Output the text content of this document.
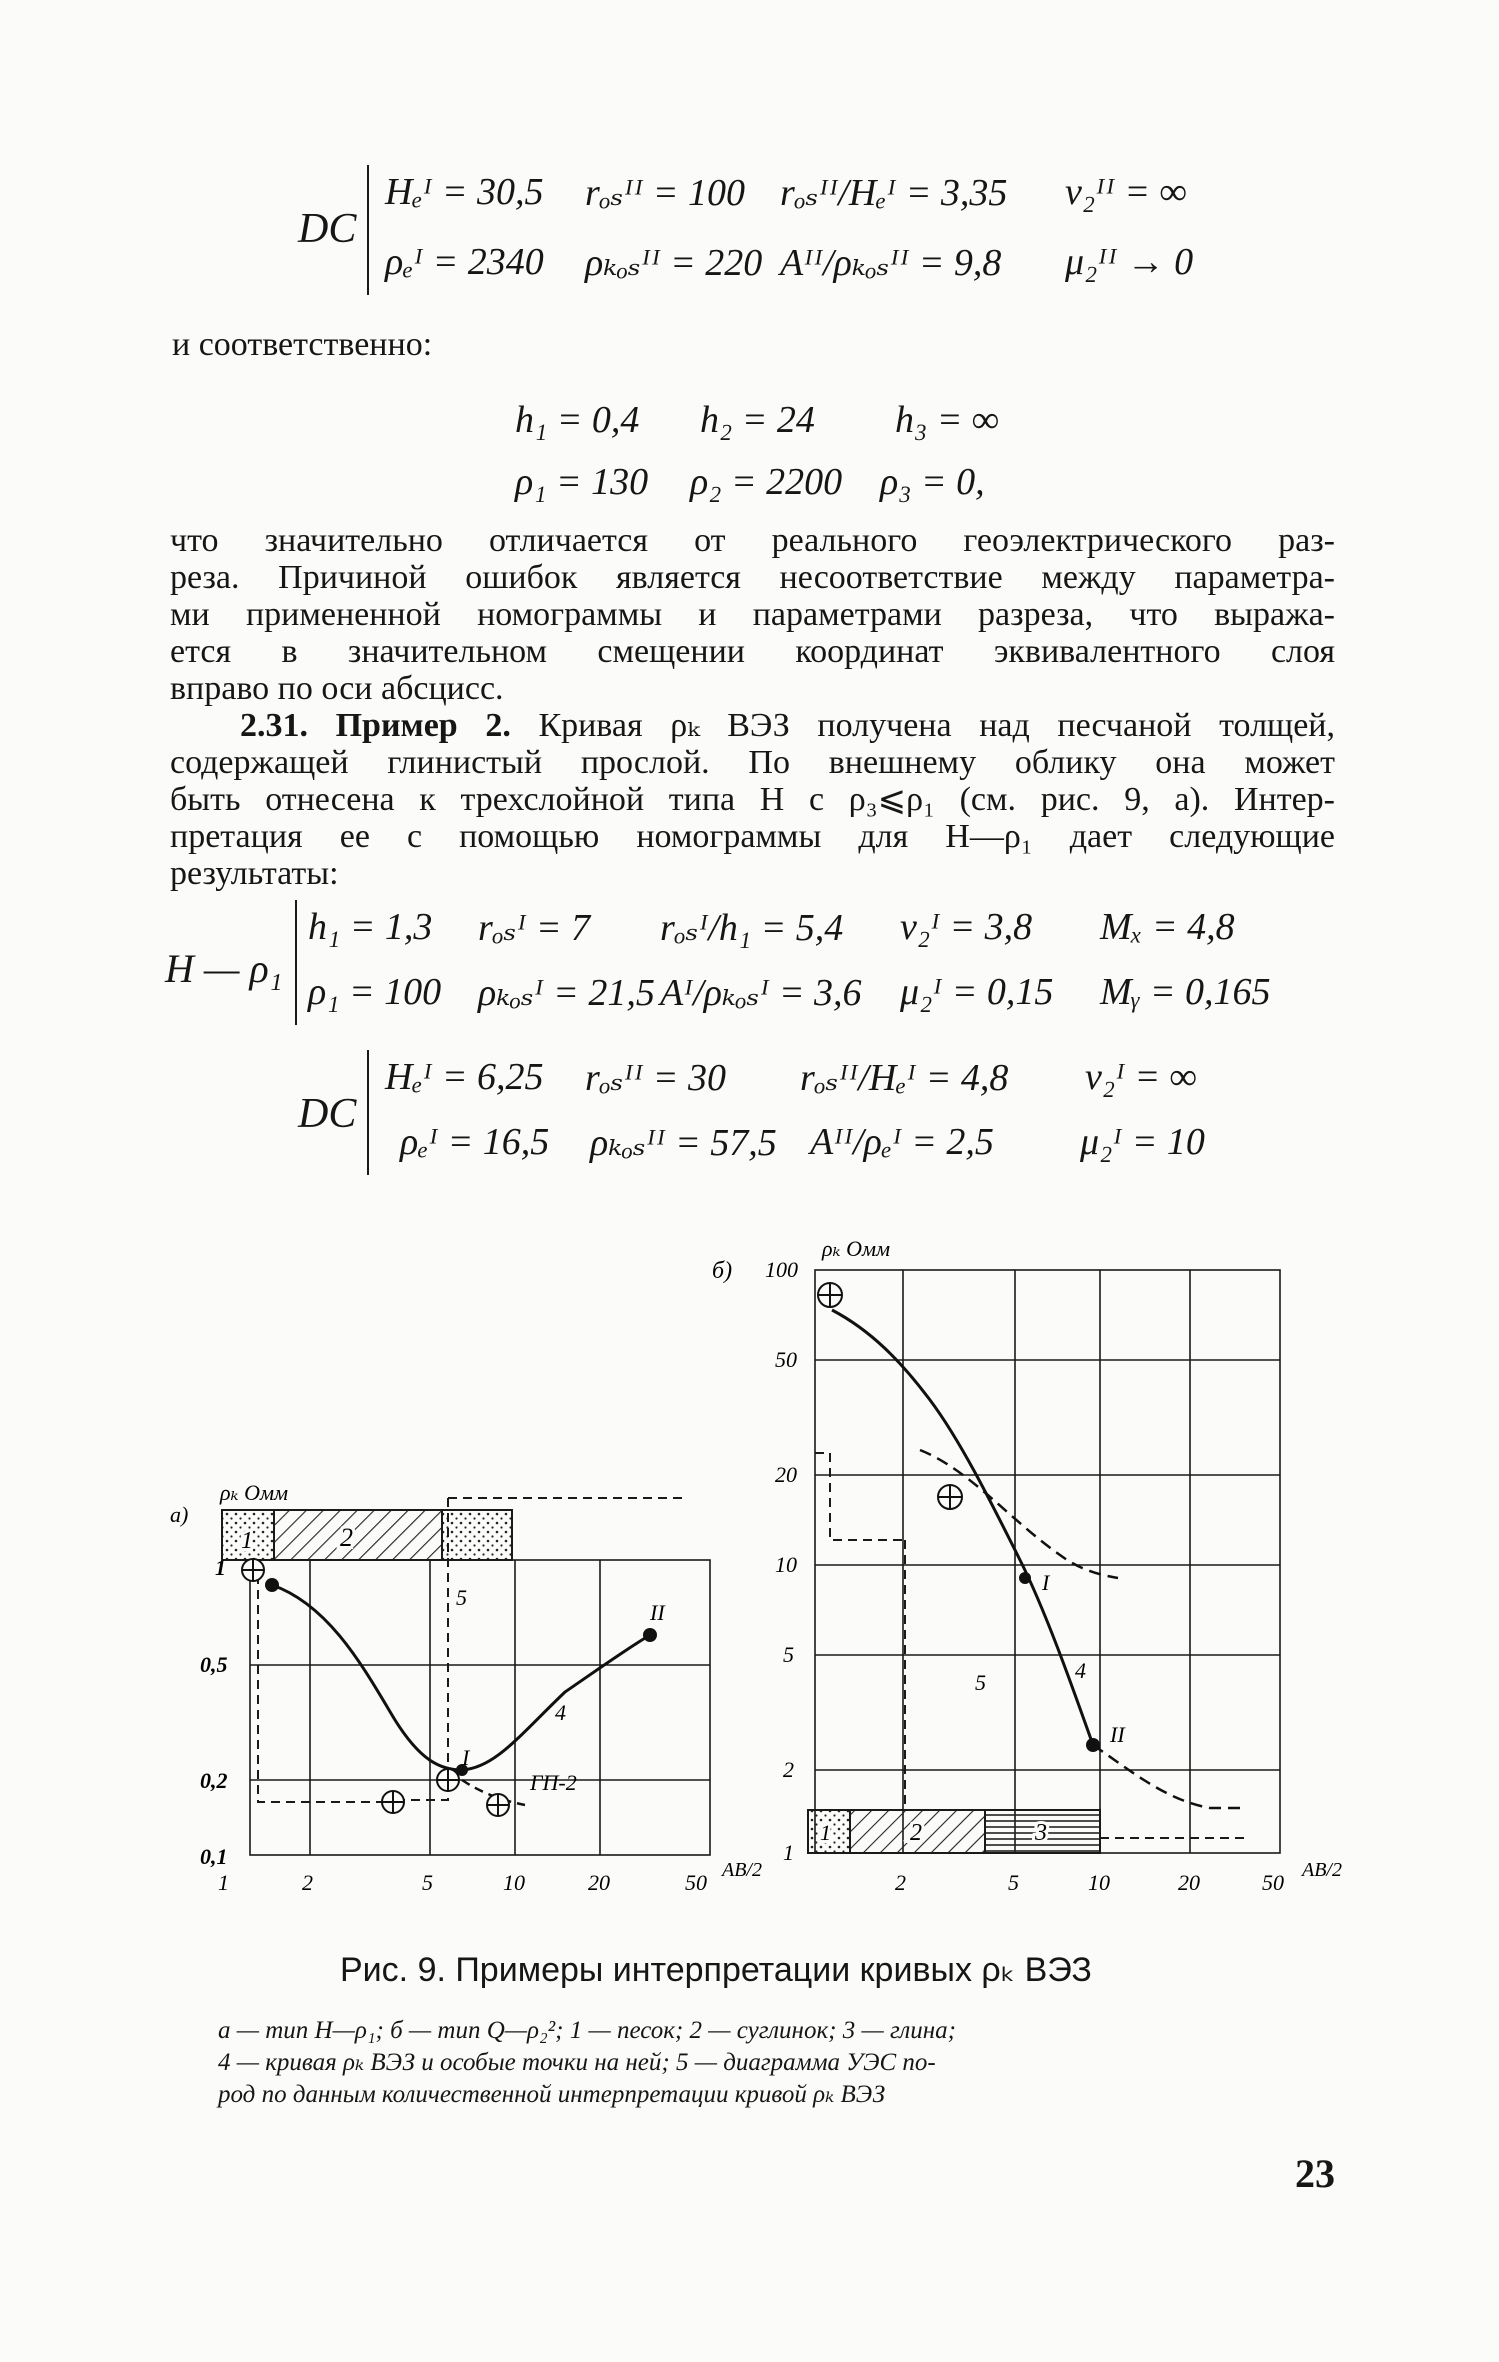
DC
Hₑᴵ = 30,5 rₒₛᴵᴵ = 100 rₒₛᴵᴵ/Hₑᴵ = 3,35 ν₂ᴵᴵ = ∞
ρₑᴵ = 2340 ρₖₒₛᴵᴵ = 220 Aᴵᴵ/ρₖₒₛᴵᴵ = 9,8 μ₂ᴵᴵ → 0
и соответственно:
h₁ = 0,4 h₂ = 24 h₃ = ∞
ρ₁ = 130 ρ₂ = 2200 ρ₃ = 0,
что значительно отличается от реального геоэлектрического раз-
реза. Причиной ошибок является несоответствие между параметра-
ми примененной номограммы и параметрами разреза, что выража-
ется в значительном смещении координат эквивалентного слоя
вправо по оси абсцисс.
2.31. Пример 2. Кривая ρₖ ВЭЗ получена над песчаной толщей,
содержащей глинистый прослой. По внешнему облику она может
быть отнесена к трехслойной типа H с ρ₃⩽ρ₁ (см. рис. 9, а). Интер-
претация ее с помощью номограммы для H—ρ₁ дает следующие
результаты:
H — ρ₁
h₁ = 1,3 rₒₛᴵ = 7 rₒₛᴵ/h₁ = 5,4 ν₂ᴵ = 3,8 Mₓ = 4,8
ρ₁ = 100 ρₖₒₛᴵ = 21,5 Aᴵ/ρₖₒₛᴵ = 3,6 μ₂ᴵ = 0,15 Mᵧ = 0,165
DC
Hₑᴵ = 6,25 rₒₛᴵᴵ = 30 rₒₛᴵᴵ/Hₑᴵ = 4,8 ν₂ᴵ = ∞
ρₑᴵ = 16,5 ρₖₒₛᴵᴵ = 57,5 Aᴵᴵ/ρₑᴵ = 2,5 μ₂ᴵ = 10
а)
ρₖ Омм
1	2
5
I
II
4
ГП-2
0,1
0,2
0,5
1
1	2	5	10	20	50 AB/2
б)
ρₖ Омм
1	2	3
5
I
II
4
1
2
5
10
20
50
100
2	5	10	20	50 AB/2
Рис. 9. Примеры интерпретации кривых ρₖ ВЭЗ
а — тип H—ρ₁; б — тип Q—ρ₂²; 1 — песок; 2 — суглинок; 3 — глина;
4 — кривая ρₖ ВЭЗ и особые точки на ней; 5 — диаграмма УЭС по-
род по данным количественной интерпретации кривой ρₖ ВЭЗ
23
